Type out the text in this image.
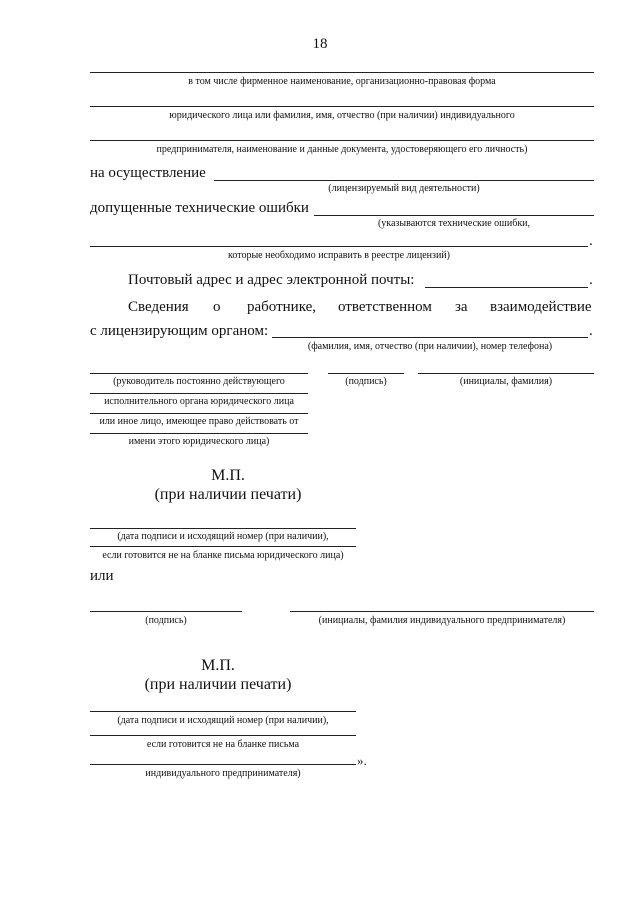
18
в том числе фирменное наименование, организационно-правовая форма
юридического лица или фамилия, имя, отчество (при наличии) индивидуального
предпринимателя, наименование и данные документа, удостоверяющего его личность)
на осуществление
(лицензируемый вид деятельности)
допущенные технические ошибки
(указываются технические ошибки,
.
которые необходимо исправить в реестре лицензий)
Почтовый адрес и адрес электронной почты:	.
Сведения о работнике, ответственном за взаимодействие
с лицензирующим органом:	.
(фамилия, имя, отчество (при наличии), номер телефона)
(руководитель постоянно действующего	(подпись)	(инициалы, фамилия)
исполнительного органа юридического лица
или иное лицо, имеющее право действовать от
имени этого юридического лица)
М.П.
(при наличии печати)
(дата подписи и исходящий номер (при наличии),
если готовится не на бланке письма юридического лица)
или
(подпись)	(инициалы, фамилия индивидуального предпринимателя)
М.П.
(при наличии печати)
(дата подписи и исходящий номер (при наличии),
если готовится не на бланке письма
».
индивидуального предпринимателя)
